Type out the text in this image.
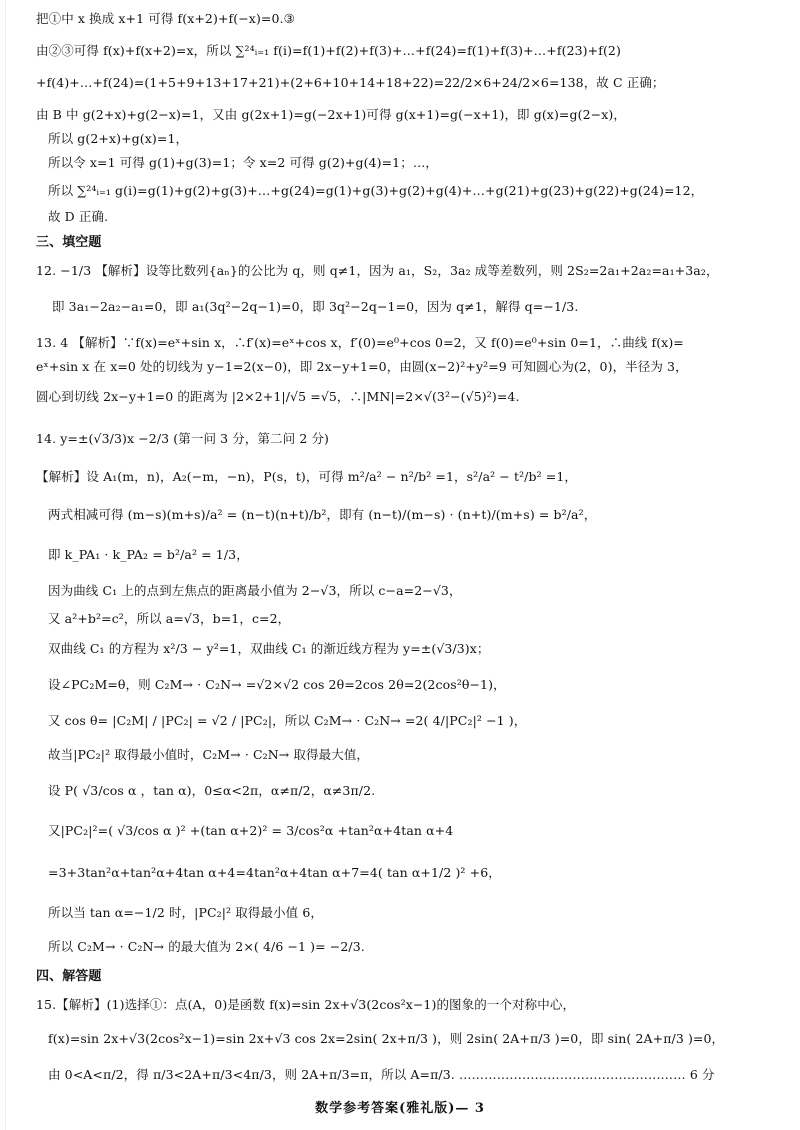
把①中 x 换成 x+1 可得 f(x+2)+f(−x)=0.③
由②③可得 f(x)+f(x+2)=x，所以 ∑²⁴ᵢ₌₁ f(i)=f(1)+f(2)+f(3)+…+f(24)=f(1)+f(3)+…+f(23)+f(2)
+f(4)+…+f(24)=(1+5+9+13+17+21)+(2+6+10+14+18+22)=22/2×6+24/2×6=138，故 C 正确；
由 B 中 g(2+x)+g(2−x)=1，又由 g(2x+1)=g(−2x+1)可得 g(x+1)=g(−x+1)，即 g(x)=g(2−x)，
所以 g(2+x)+g(x)=1，
所以令 x=1 可得 g(1)+g(3)=1；令 x=2 可得 g(2)+g(4)=1；…，
所以 ∑²⁴ᵢ₌₁ g(i)=g(1)+g(2)+g(3)+…+g(24)=g(1)+g(3)+g(2)+g(4)+…+g(21)+g(23)+g(22)+g(24)=12，
故 D 正确.
三、填空题
12. −1/3 【解析】设等比数列{aₙ}的公比为 q，则 q≠1，因为 a₁，S₂，3a₂ 成等差数列，则 2S₂=2a₁+2a₂=a₁+3a₂，
即 3a₁−2a₂−a₁=0，即 a₁(3q²−2q−1)=0，即 3q²−2q−1=0，因为 q≠1，解得 q=−1/3.
13. 4 【解析】∵f(x)=eˣ+sin x，∴f′(x)=eˣ+cos x，f′(0)=e⁰+cos 0=2，又 f(0)=e⁰+sin 0=1，∴曲线 f(x)=
eˣ+sin x 在 x=0 处的切线为 y−1=2(x−0)，即 2x−y+1=0，由圆(x−2)²+y²=9 可知圆心为(2，0)，半径为 3，
圆心到切线 2x−y+1=0 的距离为 |2×2+1|/√5 =√5，∴|MN|=2×√(3²−(√5)²)=4.
14. y=±(√3/3)x −2/3 (第一问 3 分，第二问 2 分)
【解析】设 A₁(m，n)，A₂(−m，−n)，P(s，t)，可得 m²/a² − n²/b² =1，s²/a² − t²/b² =1，
两式相减可得 (m−s)(m+s)/a² = (n−t)(n+t)/b²，即有 (n−t)/(m−s) · (n+t)/(m+s) = b²/a²，
即 k_PA₁ · k_PA₂ = b²/a² = 1/3，
因为曲线 C₁ 上的点到左焦点的距离最小值为 2−√3，所以 c−a=2−√3，
又 a²+b²=c²，所以 a=√3，b=1，c=2，
双曲线 C₁ 的方程为 x²/3 − y²=1，双曲线 C₁ 的渐近线方程为 y=±(√3/3)x；
设∠PC₂M=θ，则 C₂M→ · C₂N→ =√2×√2 cos 2θ=2cos 2θ=2(2cos²θ−1)，
又 cos θ= |C₂M| / |PC₂| = √2 / |PC₂|，所以 C₂M→ · C₂N→ =2( 4/|PC₂|² −1 )，
故当|PC₂|² 取得最小值时，C₂M→ · C₂N→ 取得最大值，
设 P( √3/cos α ，tan α)，0≤α<2π，α≠π/2，α≠3π/2.
又|PC₂|²=( √3/cos α )² +(tan α+2)² = 3/cos²α +tan²α+4tan α+4
=3+3tan²α+tan²α+4tan α+4=4tan²α+4tan α+7=4( tan α+1/2 )² +6，
所以当 tan α=−1/2 时，|PC₂|² 取得最小值 6，
所以 C₂M→ · C₂N→ 的最大值为 2×( 4/6 −1 )= −2/3.
四、解答题
15.【解析】(1)选择①：点(A，0)是函数 f(x)=sin 2x+√3(2cos²x−1)的图象的一个对称中心，
f(x)=sin 2x+√3(2cos²x−1)=sin 2x+√3 cos 2x=2sin( 2x+π/3 )，则 2sin( 2A+π/3 )=0，即 sin( 2A+π/3 )=0，
由 0<A<π/2，得 π/3<2A+π/3<4π/3，则 2A+π/3=π，所以 A=π/3. ……………………………………………… 6 分
数学参考答案(雅礼版)— 3
